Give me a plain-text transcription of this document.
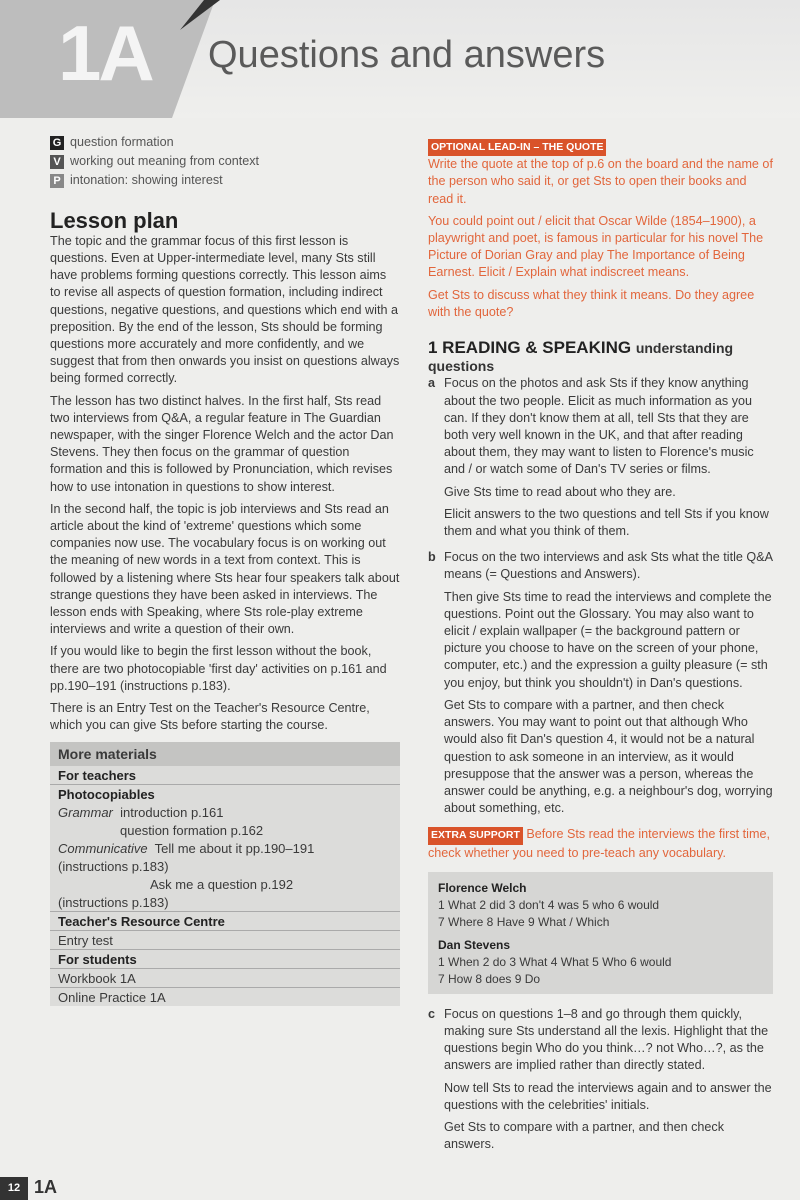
1A Questions and answers
G question formation
V working out meaning from context
P intonation: showing interest
Lesson plan

The topic and the grammar focus of this first lesson is questions. Even at Upper-intermediate level, many Sts still have problems forming questions correctly. This lesson aims to revise all aspects of question formation, including indirect questions, negative questions, and questions which end with a preposition. By the end of the lesson, Sts should be forming questions more accurately and more confidently, and we suggest that from then onwards you insist on questions always being formed correctly.

The lesson has two distinct halves. In the first half, Sts read two interviews from Q&A, a regular feature in The Guardian newspaper, with the singer Florence Welch and the actor Dan Stevens. They then focus on the grammar of question formation and this is followed by Pronunciation, which revises how to use intonation in questions to show interest.

In the second half, the topic is job interviews and Sts read an article about the kind of 'extreme' questions which some companies now use. The vocabulary focus is on working out the meaning of new words in a text from context. This is followed by a listening where Sts hear four speakers talk about strange questions they have been asked in interviews. The lesson ends with Speaking, where Sts role-play extreme interviews and write a question of their own.

If you would like to begin the first lesson without the book, there are two photocopiable 'first day' activities on p.161 and pp.190–191 (instructions p.183).

There is an Entry Test on the Teacher's Resource Centre, which you can give Sts before starting the course.

More materials
For teachers
Photocopiables
Grammar introduction p.161
question formation p.162
Communicative Tell me about it pp.190–191
(instructions p.183)
Ask me a question p.192
(instructions p.183)
Teacher's Resource Centre
Entry test
For students
Workbook 1A
Online Practice 1A
OPTIONAL LEAD-IN – THE QUOTE

Write the quote at the top of p.6 on the board and the name of the person who said it, or get Sts to open their books and read it.

You could point out / elicit that Oscar Wilde (1854–1900), a playwright and poet, is famous in particular for his novel The Picture of Dorian Gray and play The Importance of Being Earnest. Elicit / Explain what indiscreet means.

Get Sts to discuss what they think it means. Do they agree with the quote?

1 READING & SPEAKING understanding questions
a Focus on the photos and ask Sts if they know anything about the two people. Elicit as much information as you can. If they don't know them at all, tell Sts that they are both very well known in the UK, and that after reading about them, they may want to listen to Florence's music and / or watch some of Dan's TV series or films.

Give Sts time to read about who they are.

Elicit answers to the two questions and tell Sts if you know them and what you think of them.

b Focus on the two interviews and ask Sts what the title Q&A means (= Questions and Answers).

Then give Sts time to read the interviews and complete the questions. Point out the Glossary. You may also want to elicit / explain wallpaper (= the background pattern or picture you choose to have on the screen of your phone, computer, etc.) and the expression a guilty pleasure (= sth you enjoy, but think you shouldn't) in Dan's questions.

Get Sts to compare with a partner, and then check answers. You may want to point out that although Who would also fit Dan's question 4, it would not be a natural question to ask someone in an interview, as it would presuppose that the answer was a person, whereas the answer could be anything, e.g. a neighbour's dog, worrying about something, etc.

EXTRA SUPPORT Before Sts read the interviews the first time, check whether you need to pre-teach any vocabulary.

Florence Welch
1 What 2 did 3 don't 4 was 5 who 6 would
7 Where 8 Have 9 What / Which
Dan Stevens
1 When 2 do 3 What 4 What 5 Who 6 would
7 How 8 does 9 Do
c Focus on questions 1–8 and go through them quickly, making sure Sts understand all the lexis. Highlight that the questions begin Who do you think…? not Who…?, as the answers are implied rather than directly stated.

Now tell Sts to read the interviews again and to answer the questions with the celebrities' initials.

Get Sts to compare with a partner, and then check answers.

12 1A
